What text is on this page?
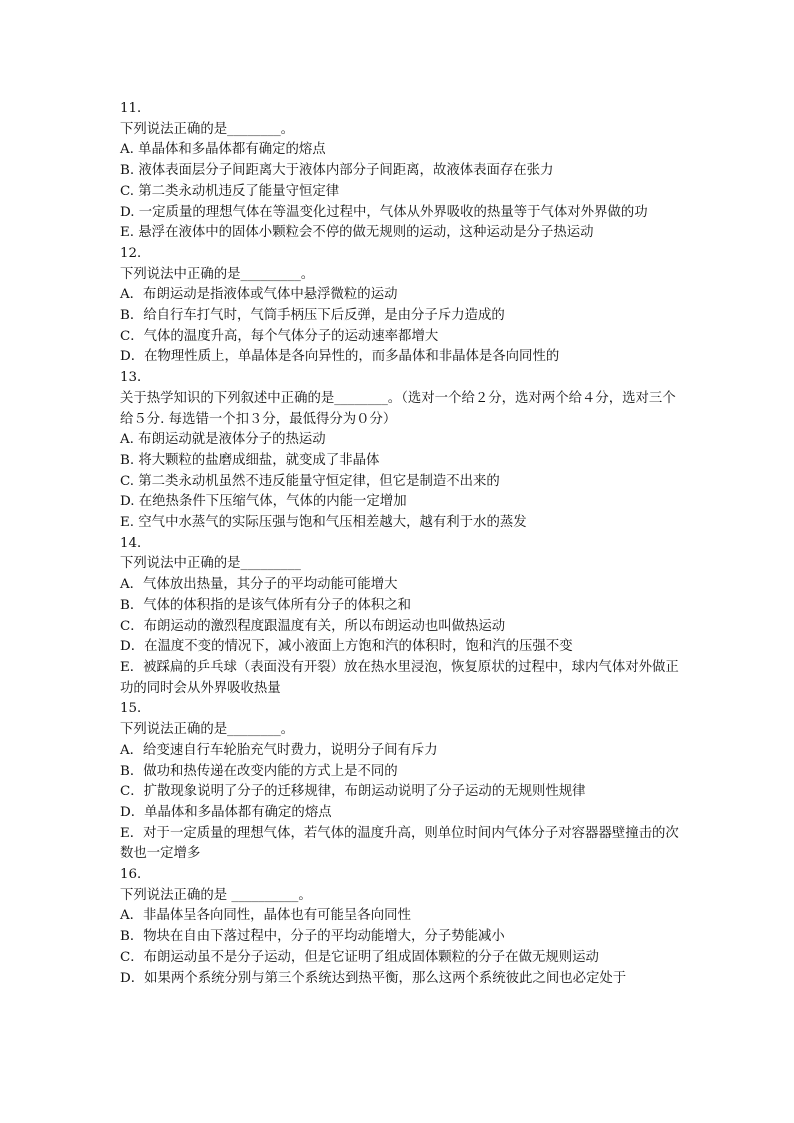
11．
下列说法正确的是________。
A. 单晶体和多晶体都有确定的熔点
B. 液体表面层分子间距离大于液体内部分子间距离，故液体表面存在张力
C. 第二类永动机违反了能量守恒定律
D. 一定质量的理想气体在等温变化过程中，气体从外界吸收的热量等于气体对外界做的功
E. 悬浮在液体中的固体小颗粒会不停的做无规则的运动，这种运动是分子热运动
12．
下列说法中正确的是_________。
A．布朗运动是指液体或气体中悬浮微粒的运动
B．给自行车打气时，气筒手柄压下后反弹，是由分子斥力造成的
C．气体的温度升高，每个气体分子的运动速率都增大
D．在物理性质上，单晶体是各向异性的，而多晶体和非晶体是各向同性的
13．
关于热学知识的下列叙述中正确的是________。（选对一个给２分，选对两个给４分，选对三个给５分. 每选错一个扣３分，最低得分为０分）
A. 布朗运动就是液体分子的热运动
B. 将大颗粒的盐磨成细盐，就变成了非晶体
C. 第二类永动机虽然不违反能量守恒定律，但它是制造不出来的
D. 在绝热条件下压缩气体，气体的内能一定增加
E. 空气中水蒸气的实际压强与饱和气压相差越大，越有利于水的蒸发
14．
下列说法中正确的是_________
A．气体放出热量，其分子的平均动能可能增大
B．气体的体积指的是该气体所有分子的体积之和
C．布朗运动的激烈程度跟温度有关，所以布朗运动也叫做热运动
D．在温度不变的情况下，减小液面上方饱和汽的体积时，饱和汽的压强不变
E．被踩扁的乒乓球（表面没有开裂）放在热水里浸泡，恢复原状的过程中，球内气体对外做正功的同时会从外界吸收热量
15．
下列说法正确的是________。
A．给变速自行车轮胎充气时费力，说明分子间有斥力
B．做功和热传递在改变内能的方式上是不同的
C．扩散现象说明了分子的迁移规律，布朗运动说明了分子运动的无规则性规律
D．单晶体和多晶体都有确定的熔点
E．对于一定质量的理想气体，若气体的温度升高，则单位时间内气体分子对容器器壁撞击的次数也一定增多
16．
下列说法正确的是 __________。
A．非晶体呈各向同性，晶体也有可能呈各向同性
B．物块在自由下落过程中，分子的平均动能增大，分子势能减小
C．布朗运动虽不是分子运动，但是它证明了组成固体颗粒的分子在做无规则运动
D．如果两个系统分别与第三个系统达到热平衡，那么这两个系统彼此之间也必定处于
